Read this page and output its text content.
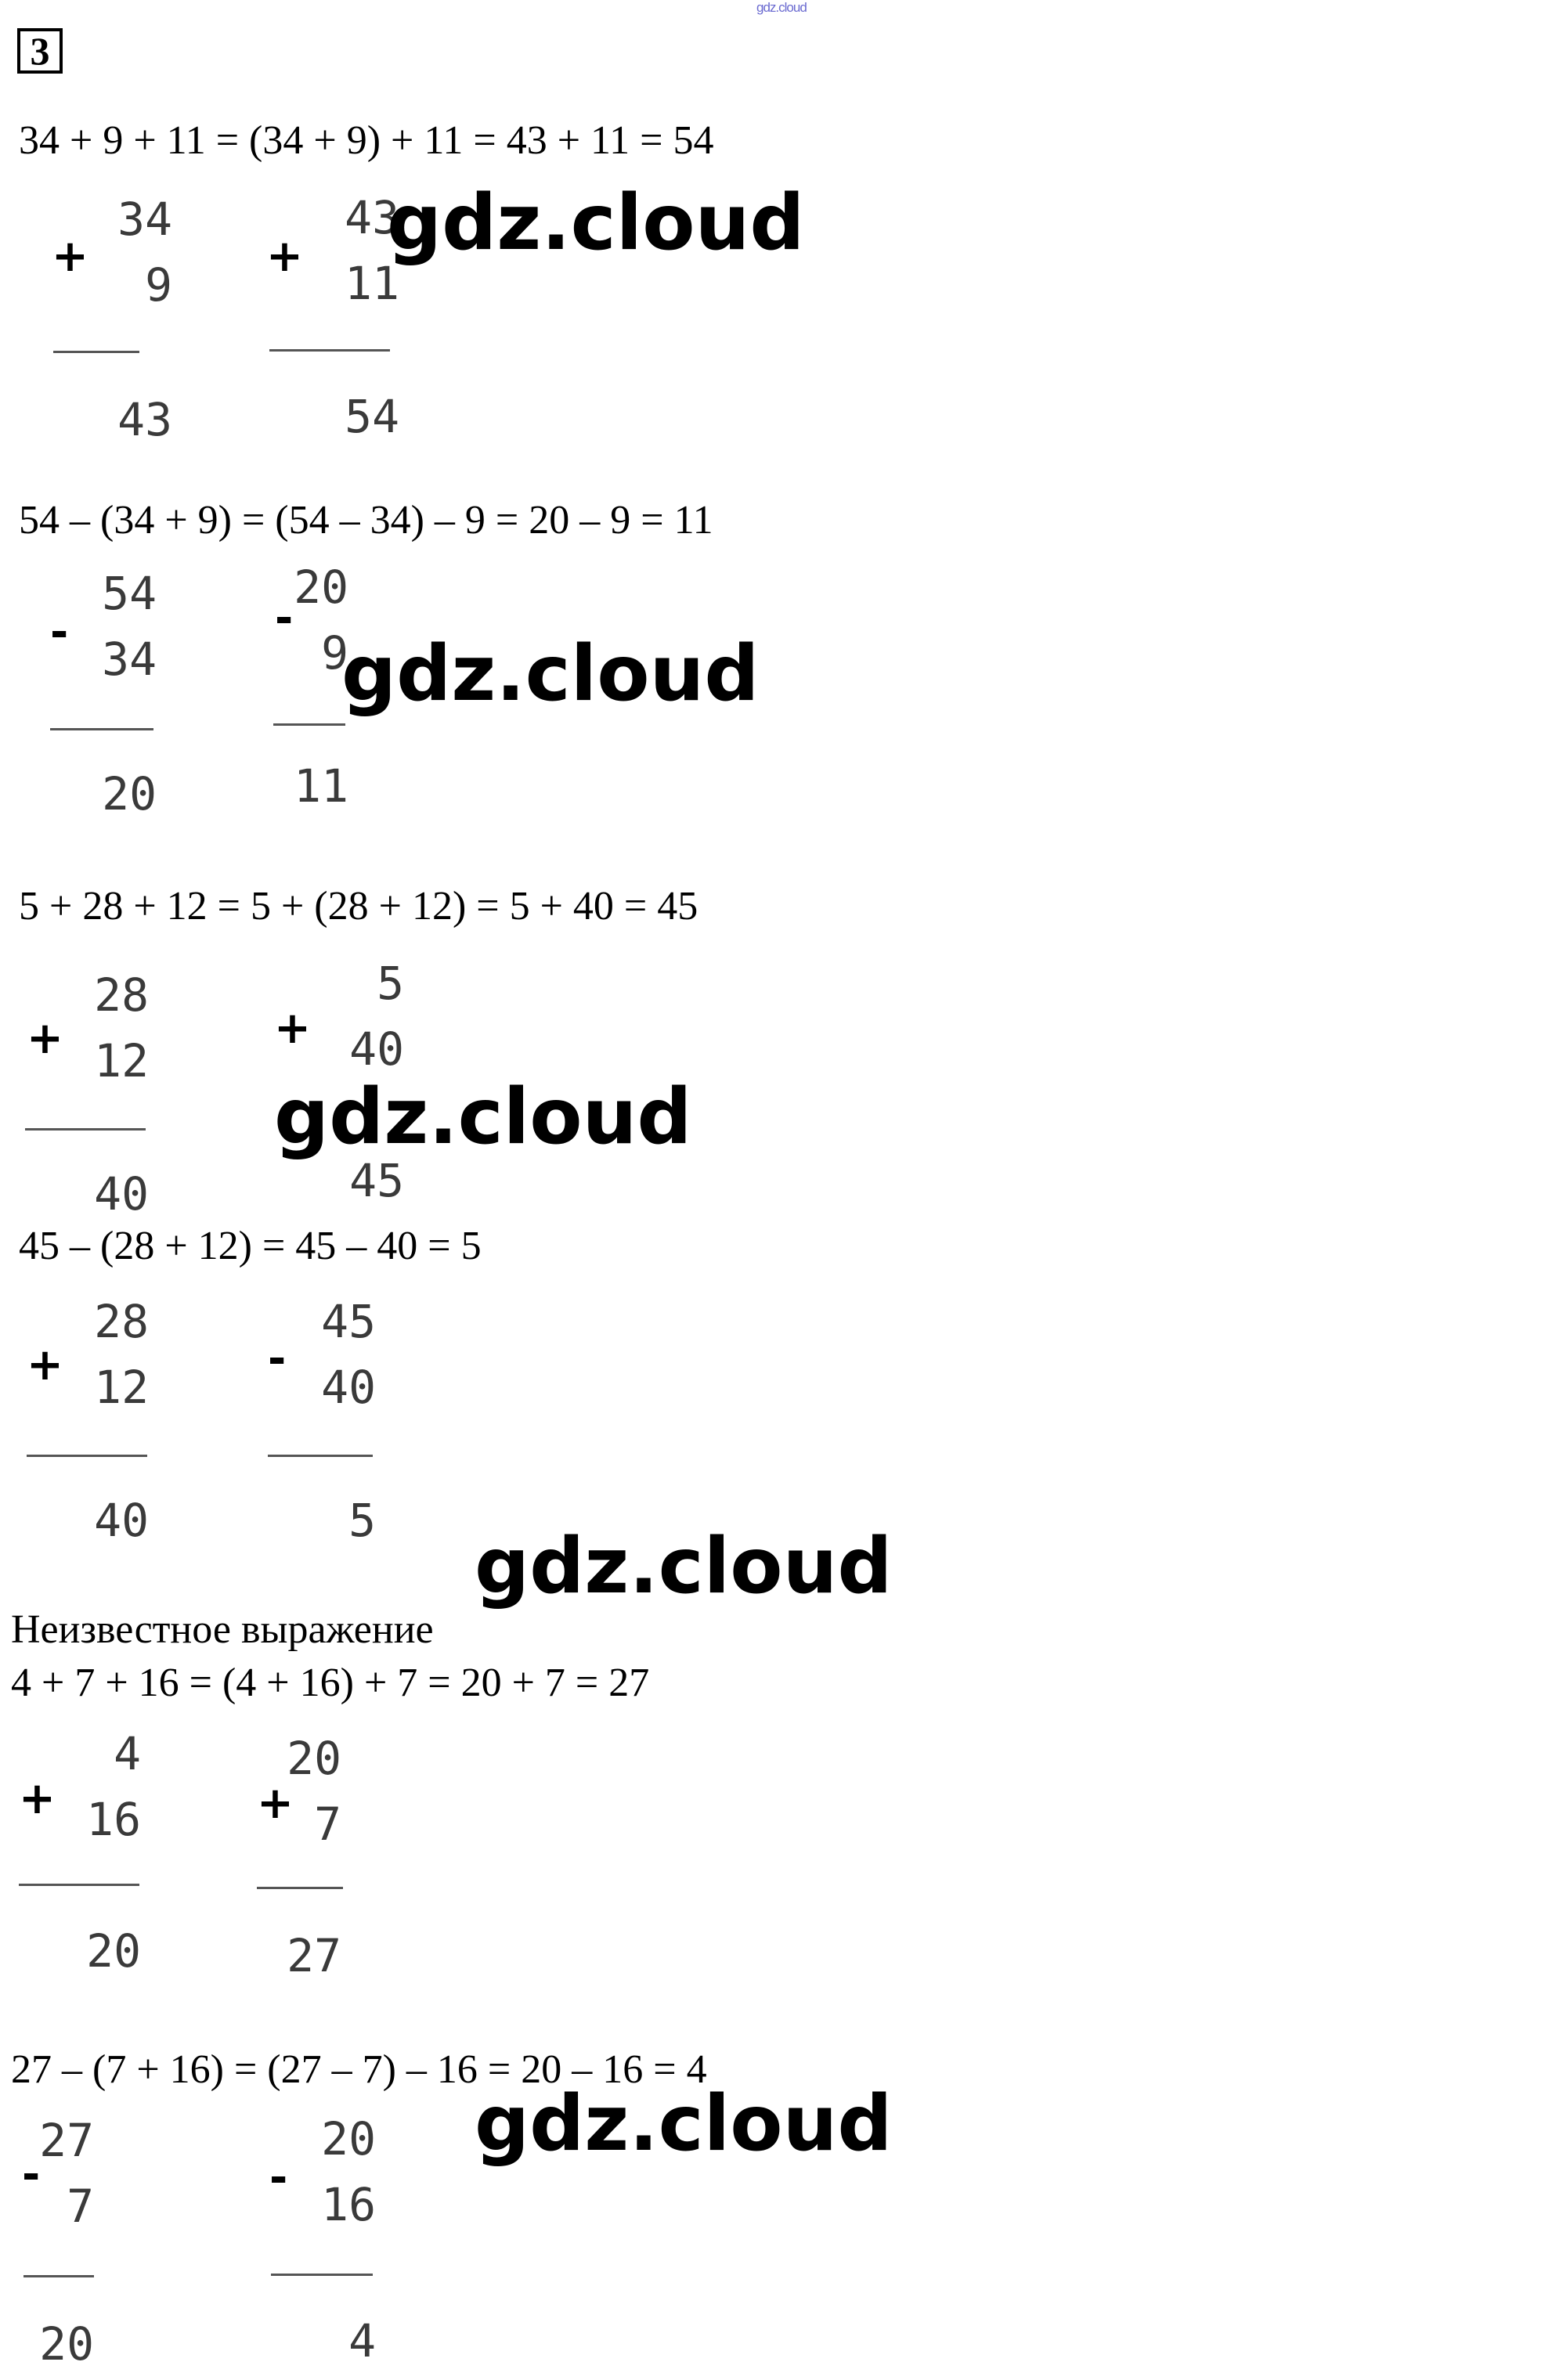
gdz.cloud
3
34 + 9 + 11 = (34 + 9) + 11 = 43 + 11 = 54
+
34
9
43
+
43
11
54
gdz.cloud
54 – (34 + 9) = (54 – 34) – 9 = 20 – 9 = 11
-
54
34
20
-
20
9
11
gdz.cloud
5 + 28 + 12 = 5 + (28 + 12) = 5 + 40 = 45
+
28
12
40
+
5
40
45
gdz.cloud
45 – (28 + 12) = 45 – 40 = 5
+
28
12
40
-
45
40
5
gdz.cloud
Неизвестное выражение
4 + 7 + 16 = (4 + 16) + 7 = 20 + 7 = 27
+
4
16
20
+
20
7
27
27 – (7 + 16) = (27 – 7) – 16 = 20 – 16 = 4
gdz.cloud
-
27
7
20
-
20
16
4
